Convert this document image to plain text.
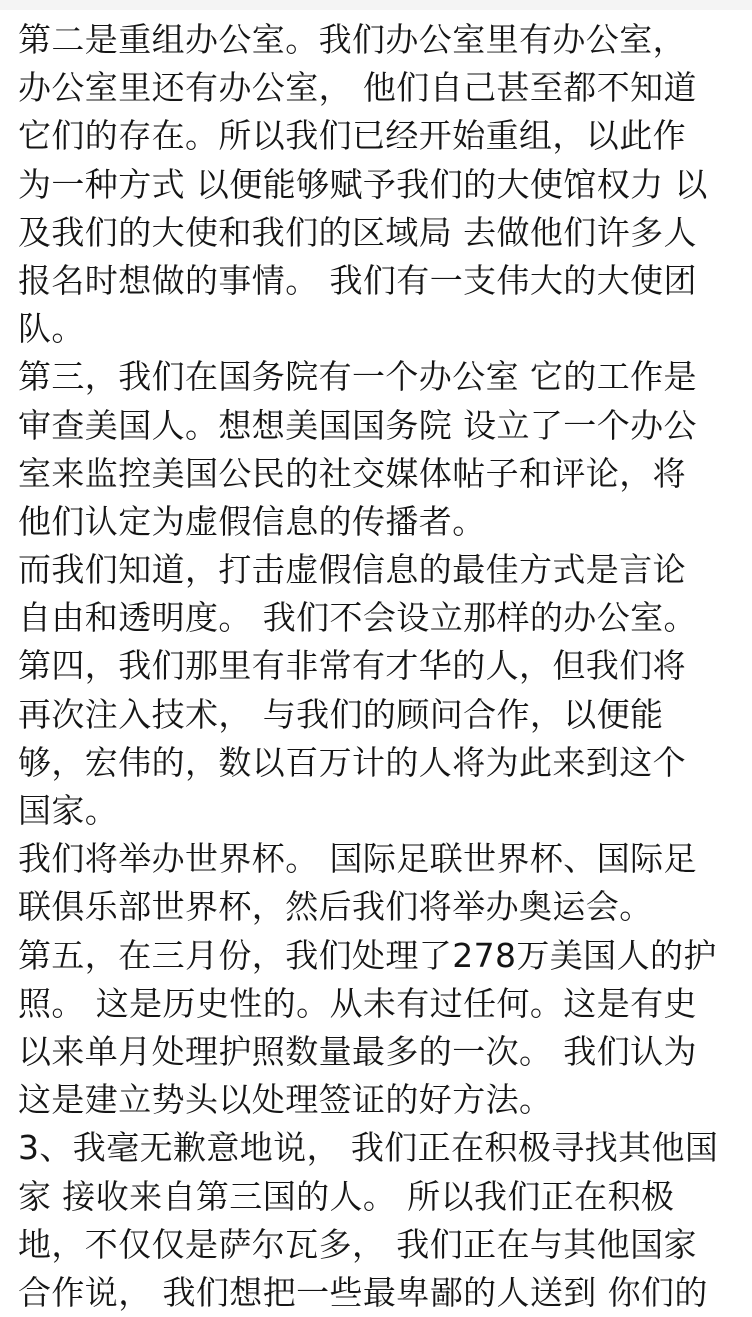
第二是重组办公室。我们办公室里有办公室，
办公室里还有办公室， 他们自己甚至都不知道
它们的存在。所以我们已经开始重组，以此作
为一种方式 以便能够赋予我们的大使馆权力 以
及我们的大使和我们的区域局 去做他们许多人
报名时想做的事情。 我们有一支伟大的大使团
队。
第三，我们在国务院有一个办公室 它的工作是
审查美国人。想想美国国务院 设立了一个办公
室来监控美国公民的社交媒体帖子和评论，将
他们认定为虚假信息的传播者。
而我们知道，打击虚假信息的最佳方式是言论
自由和透明度。 我们不会设立那样的办公室。
第四，我们那里有非常有才华的人，但我们将
再次注入技术， 与我们的顾问合作，以便能
够，宏伟的，数以百万计的人将为此来到这个
国家。
我们将举办世界杯。 国际足联世界杯、国际足
联俱乐部世界杯，然后我们将举办奥运会。
第五，在三月份，我们处理了278万美国人的护
照。 这是历史性的。从未有过任何。这是有史
以来单月处理护照数量最多的一次。 我们认为
这是建立势头以处理签证的好方法。
3、我毫无歉意地说， 我们正在积极寻找其他国
家 接收来自第三国的人。 所以我们正在积极
地，不仅仅是萨尔瓦多， 我们正在与其他国家
合作说， 我们想把一些最卑鄙的人送到 你们的
